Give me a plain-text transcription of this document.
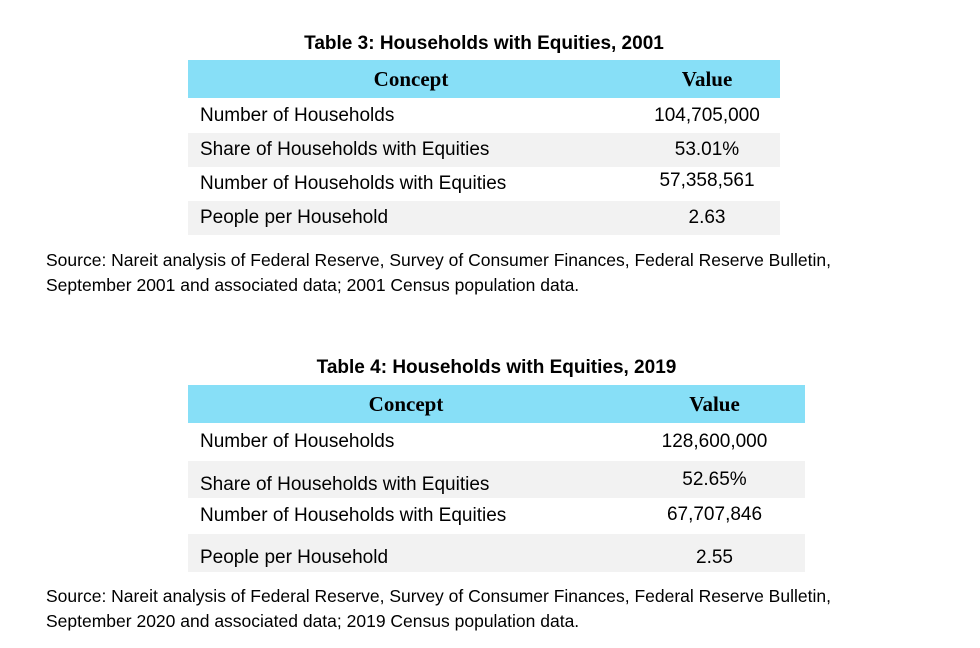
Table 3: Households with Equities, 2001
Concept	Value
Number of Households	104,705,000
Share of Households with Equities	53.01%
Number of Households with Equities	57,358,561
People per Household	2.63
Source: Nareit analysis of Federal Reserve, Survey of Consumer Finances, Federal Reserve Bulletin,
September 2001 and associated data; 2001 Census population data.
Table 4: Households with Equities, 2019
Concept	Value
Number of Households	128,600,000
Share of Households with Equities	52.65%
Number of Households with Equities	67,707,846
People per Household	2.55
Source: Nareit analysis of Federal Reserve, Survey of Consumer Finances, Federal Reserve Bulletin,
September 2020 and associated data; 2019 Census population data.
